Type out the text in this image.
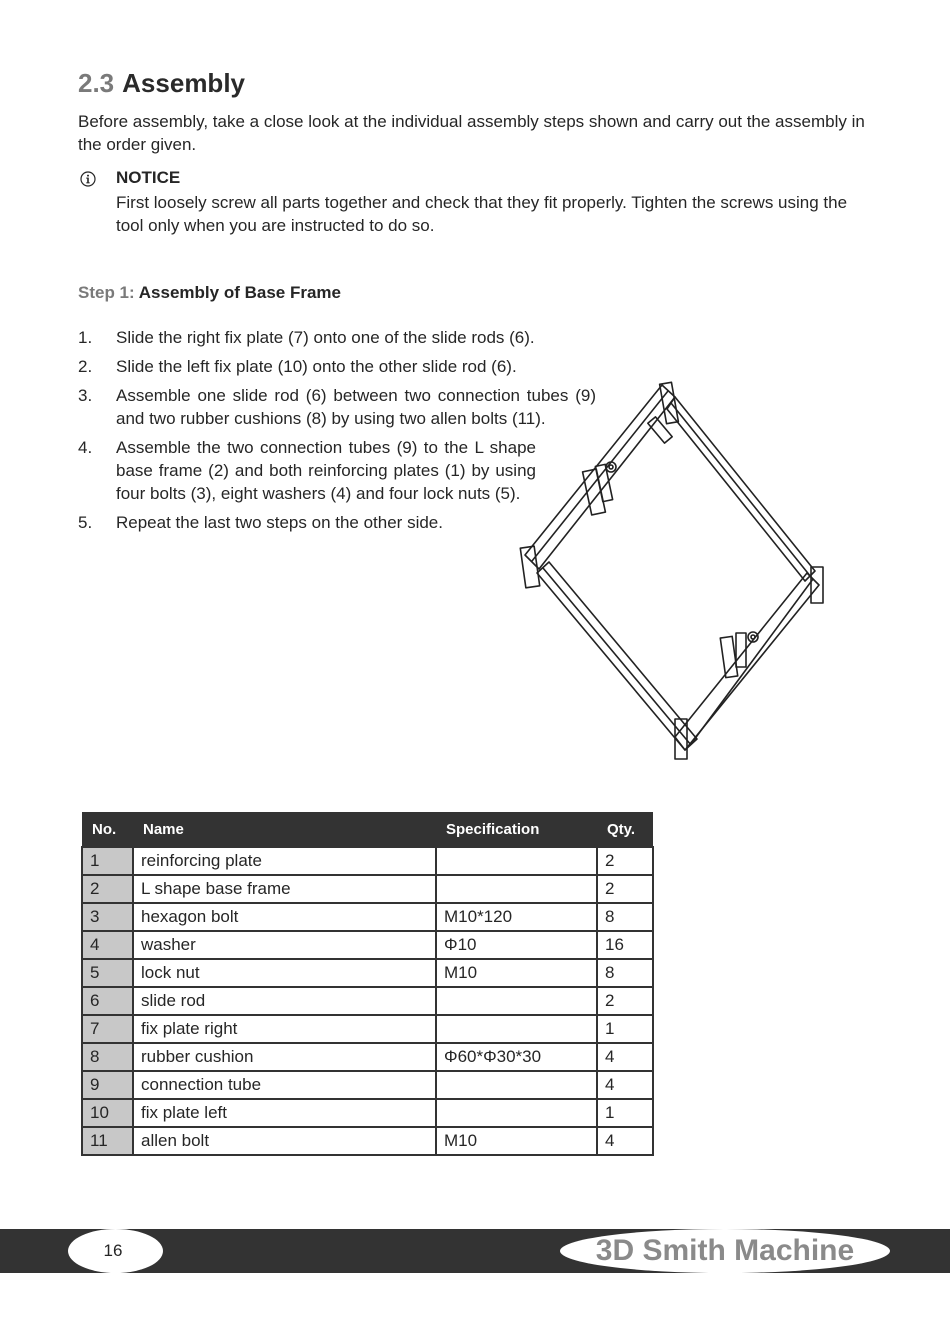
2.3 Assembly

Before assembly, take a close look at the individual assembly steps shown and carry out the assembly in the order given.

NOTICE

First loosely screw all parts together and check that they fit properly. Tighten the screws using the tool only when you are instructed to do so.

Step 1: Assembly of Base Frame
1. Slide the right fix plate (7) onto one of the slide rods (6).
2. Slide the left fix plate (10) onto the other slide rod (6).
3. Assemble one slide rod (6) between two connection tubes (9) and two rubber cushions (8) by using two allen bolts (11).
4. Assemble the two connection tubes (9) to the L shape base frame (2) and both reinforcing plates (1) by using four bolts (3), eight washers (4) and four lock nuts (5).
5. Repeat the last two steps on the other side.
No.	Name	Specification	Qty.
1	reinforcing plate		2
2	L shape base frame		2
3	hexagon bolt	M10*120	8
4	washer	Φ10	16
5	lock nut	M10	8
6	slide rod		2
7	fix plate right		1
8	rubber cushion	Φ60*Φ30*30	4
9	connection tube		4
10	fix plate left		1
11	allen bolt	M10	4
16	3D Smith Machine
